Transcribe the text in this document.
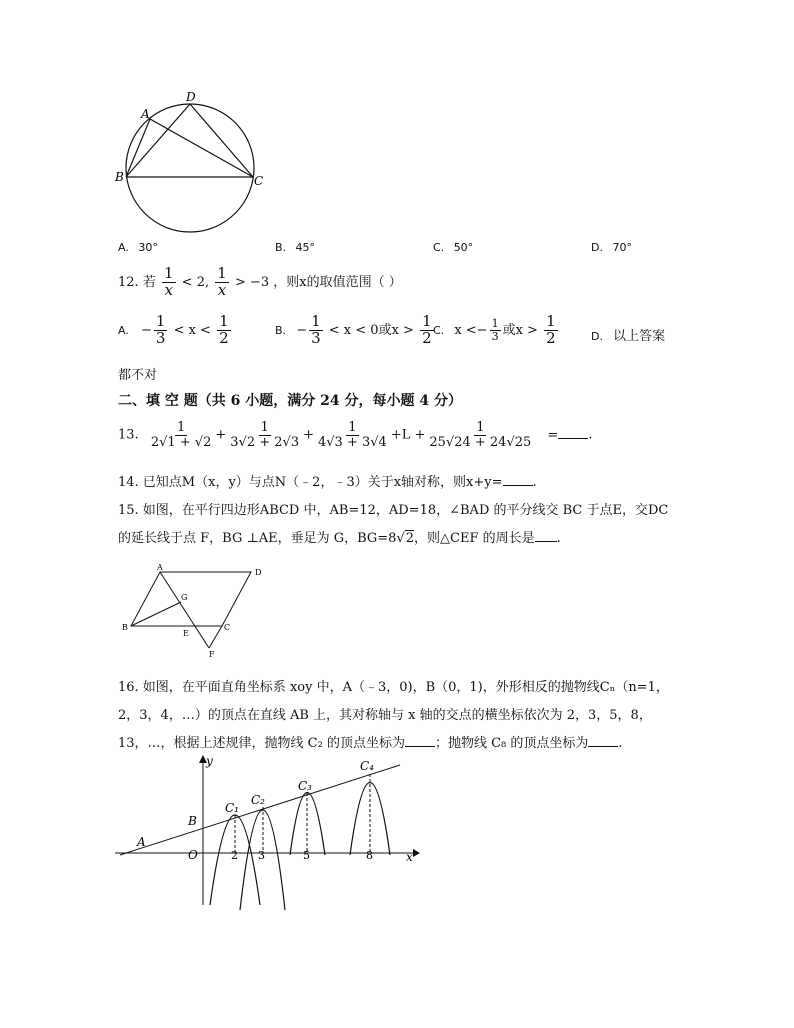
A
D
B	C
A. 30°	B. 45°	C. 50°	D. 70°
12. 若 $\frac{1}{x} < 2$, $\frac{1}{x} > -3$ ，则x的取值范围（ ）
A. − $\frac{1}{3} < x < \frac{1}{2}$	B. − $\frac{1}{3} < x < 0$或$x > \frac{1}{2} C$. $x <- \frac{1}{3}$ 或$x > \frac{1}{2}$	D. 以上答案
都不对
二、填 空 题（共 6 小题，满分 24 分，每小题 4 分）
13. $\frac{1}{2√1 + √2} + \frac{1}{3√2 + 2√3} + \frac{1}{4√3 + 3√4} +L + \frac{1}{25√24 + 24√25}$ = .
14. 已知点M（x，y）与点N（﹣2，﹣3）关于x轴对称，则x+y= .
15. 如图，在平行四边形ABCD 中，AB=12，AD=18，∠BAD 的平分线交 BC 于点E，交DC
的延长线于点 F，BG ⊥AE，垂足为 G，BG=8√2，则△CEF 的周长是 .
A
D
G
B
E
C
F
16. 如图，在平面直角坐标系 xoy 中，A（﹣3，0)，B（0，1)，外形相反的抛物线Cₙ（n=1，
2，3，4，…）的顶点在直线 AB 上，其对称轴与 x 轴的交点的横坐标依次为 2，3，5，8，
13，…，根据上述规律，抛物线 C₂ 的顶点坐标为 ；抛物线 C₈ 的顶点坐标为 .
A
B
O	x
y
C₁
C₂
C₃
C₄
2 3	5	8
